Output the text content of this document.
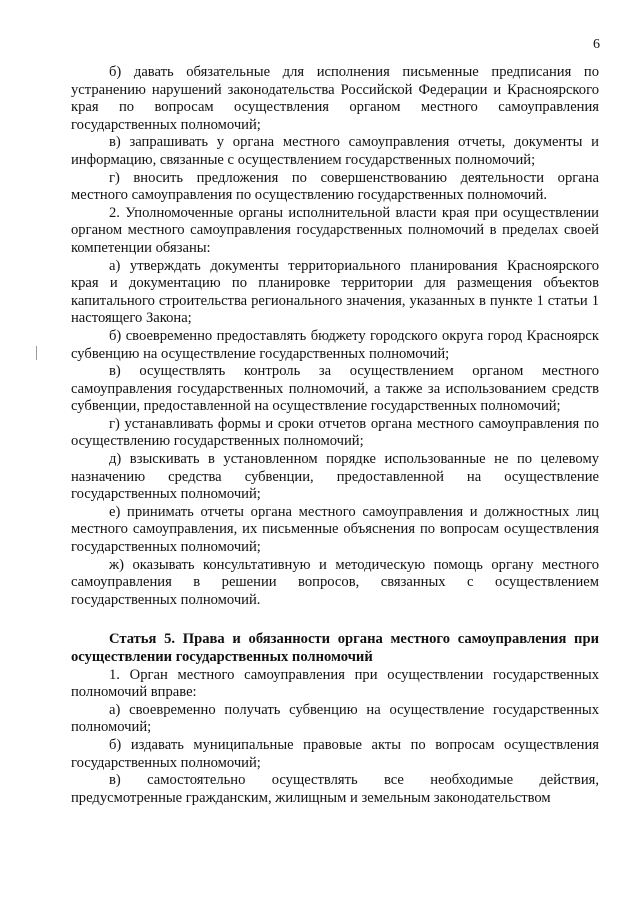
6

б) давать обязательные для исполнения письменные предписания по устранению нарушений законодательства Российской Федерации и Красноярского края по вопросам осуществления органом местного самоуправления государственных полномочий;

в) запрашивать у органа местного самоуправления отчеты, документы и информацию, связанные с осуществлением государственных полномочий;

г) вносить предложения по совершенствованию деятельности органа местного самоуправления по осуществлению государственных полномочий.

2. Уполномоченные органы исполнительной власти края при осуществлении органом местного самоуправления государственных полномочий в пределах своей компетенции обязаны:

а) утверждать документы территориального планирования Красноярского края и документацию по планировке территории для размещения объектов капитального строительства регионального значения, указанных в пункте 1 статьи 1 настоящего Закона;

б) своевременно предоставлять бюджету городского округа город Красноярск субвенцию на осуществление государственных полномочий;

в) осуществлять контроль за осуществлением органом местного самоуправления государственных полномочий, а также за использованием средств субвенции, предоставленной на осуществление государственных полномочий;

г) устанавливать формы и сроки отчетов органа местного самоуправления по осуществлению государственных полномочий;

д) взыскивать в установленном порядке использованные не по целевому назначению средства субвенции, предоставленной на осуществление государственных полномочий;

е) принимать отчеты органа местного самоуправления и должностных лиц местного самоуправления, их письменные объяснения по вопросам осуществления государственных полномочий;

ж) оказывать консультативную и методическую помощь органу местного самоуправления в решении вопросов, связанных с осуществлением государственных полномочий.

Статья 5. Права и обязанности органа местного самоуправления при осуществлении государственных полномочий

1. Орган местного самоуправления при осуществлении государственных полномочий вправе:

а) своевременно получать субвенцию на осуществление государственных полномочий;

б) издавать муниципальные правовые акты по вопросам осуществления государственных полномочий;

в) самостоятельно осуществлять все необходимые действия, предусмотренные гражданским, жилищным и земельным законодательством
